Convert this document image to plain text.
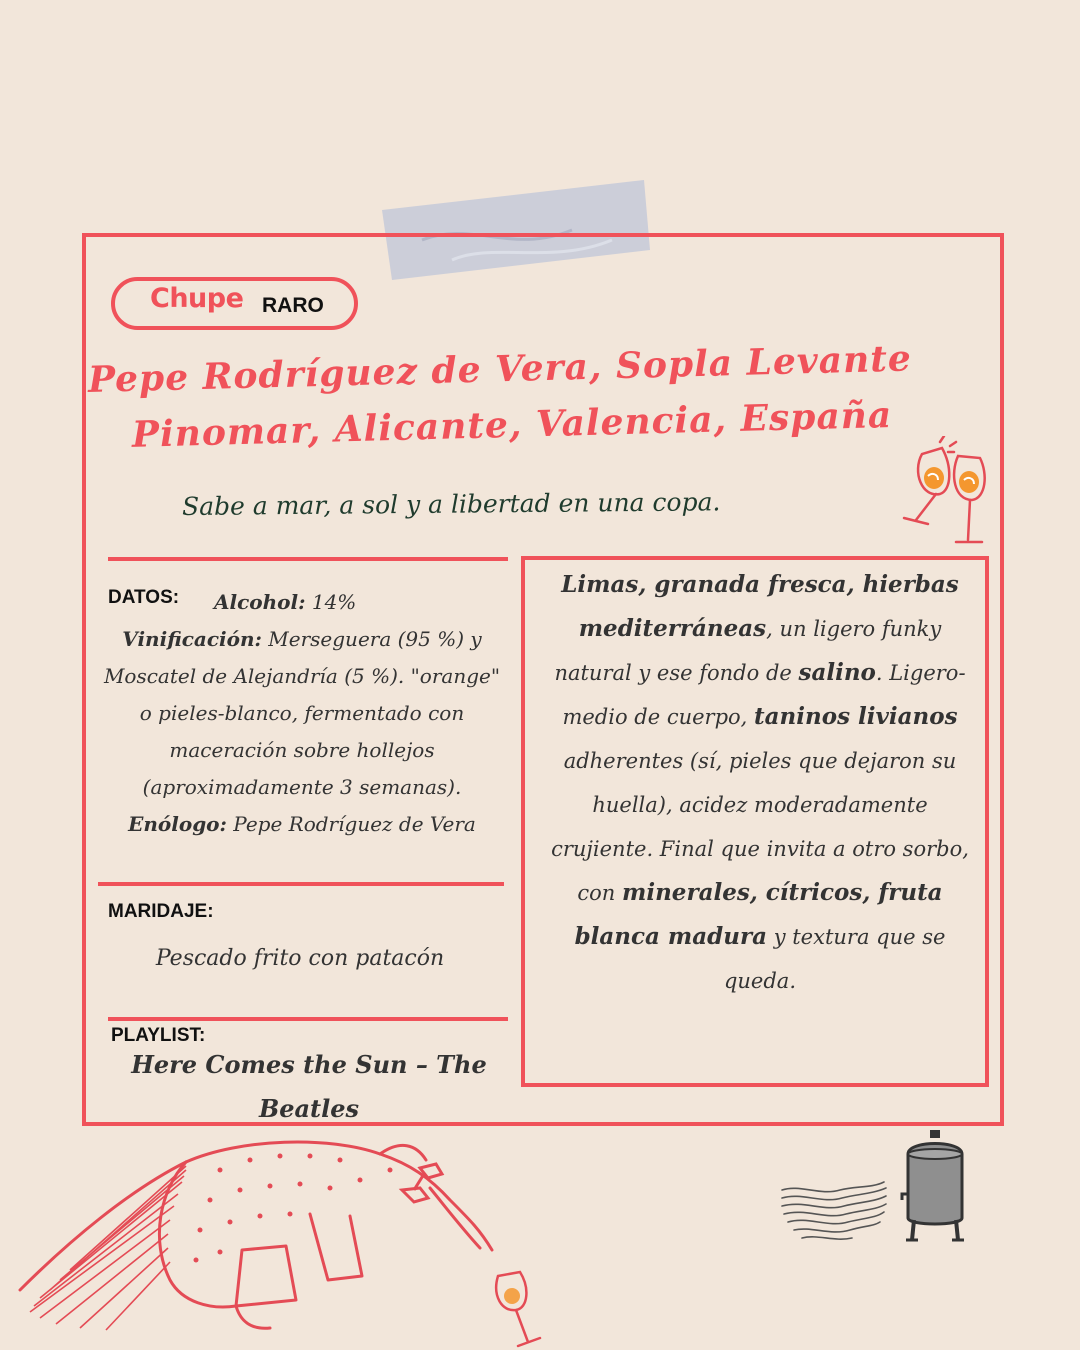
Chupe RARO
Pepe Rodríguez de Vera, Sopla Levante
Pinomar, Alicante, Valencia, España
Sabe a mar, a sol y a libertad en una copa.
DATOS:	Alcohol: 14%
Vinificación: Merseguera (95 %) y Moscatel de Alejandría (5 %). "orange" o pieles-blanco, fermentado con maceración sobre hollejos (aproximadamente 3 semanas).
Enólogo: Pepe Rodríguez de Vera
MARIDAJE:
Pescado frito con patacón
PLAYLIST:
Here Comes the Sun – The Beatles
Limas, granada fresca, hierbas mediterráneas, un ligero funky natural y ese fondo de salino. Ligero-medio de cuerpo, taninos livianos adherentes (sí, pieles que dejaron su huella), acidez moderadamente crujiente. Final que invita a otro sorbo, con minerales, cítricos, fruta blanca madura y textura que se queda.
